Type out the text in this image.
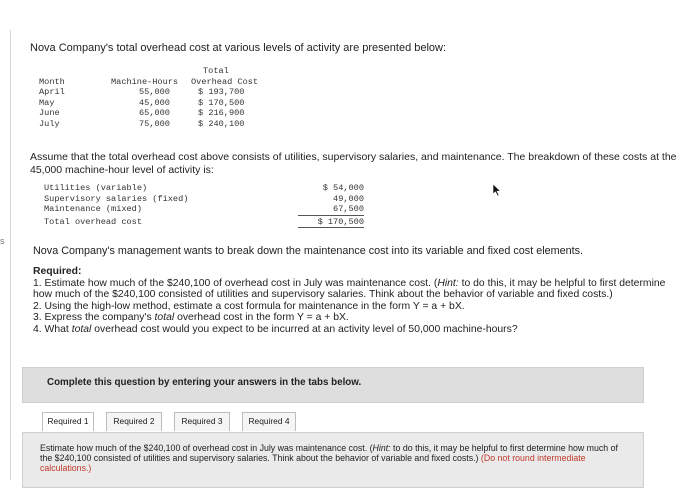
s
Nova Company's total overhead cost at various levels of activity are presented below:
		Total
Month	Machine-Hours	Overhead Cost
April	55,000	$ 193,700
May	45,000	$ 170,500
June	65,000	$ 216,900
July	75,000	$ 240,100
Assume that the total overhead cost above consists of utilities, supervisory salaries, and maintenance. The breakdown of these costs at the 45,000 machine-hour level of activity is:
Utilities (variable)	$ 54,000
Supervisory salaries (fixed)	49,000
Maintenance (mixed)	67,500
Total overhead cost	$ 170,500
Nova Company's management wants to break down the maintenance cost into its variable and fixed cost elements.
Required:
1. Estimate how much of the $240,100 of overhead cost in July was maintenance cost. (Hint: to do this, it may be helpful to first determine how much of the $240,100 consisted of utilities and supervisory salaries. Think about the behavior of variable and fixed costs.)
2. Using the high-low method, estimate a cost formula for maintenance in the form Y = a + bX.
3. Express the company's total overhead cost in the form Y = a + bX.
4. What total overhead cost would you expect to be incurred at an activity level of 50,000 machine-hours?
Complete this question by entering your answers in the tabs below.
Required 1	Required 2	Required 3	Required 4

Estimate how much of the $240,100 of overhead cost in July was maintenance cost. (Hint: to do this, it may be helpful to first determine how much of the $240,100 consisted of utilities and supervisory salaries. Think about the behavior of variable and fixed costs.) (Do not round intermediate calculations.)
